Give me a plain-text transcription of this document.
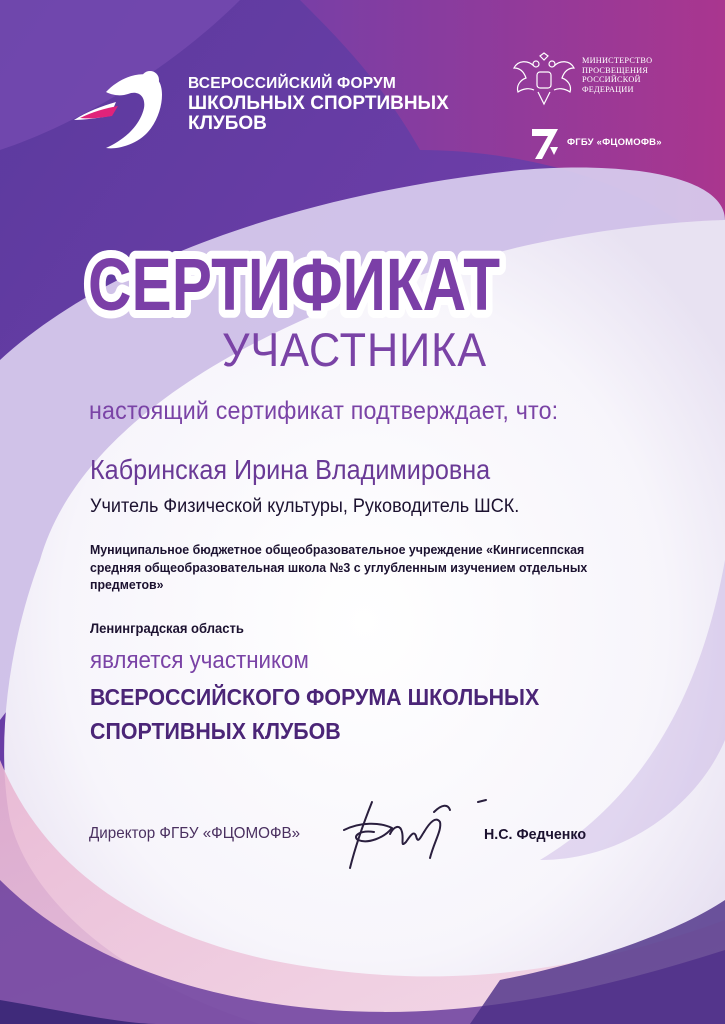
ВСЕРОССИЙСКИЙ ФОРУМ
ШКОЛЬНЫХ СПОРТИВНЫХ
КЛУБОВ
МИНИСТЕРСТВО
ПРОСВЕЩЕНИЯ
РОССИЙСКОЙ
ФЕДЕРАЦИИ
ФГБУ «ФЦОМОФВ»
СЕРТИФИКАТ
СЕРТИФИКАТ
УЧАСТНИКА
настоящий сертификат подтверждает, что:
Кабринская Ирина Владимировна
Учитель Физической культуры, Руководитель ШСК.
Муниципальное бюджетное общеобразовательное учреждение «Кингисеппская средняя общеобразовательная школа №3 с углубленным изучением отдельных предметов»
Ленинградская область
является участником
ВСЕРОССИЙСКОГО ФОРУМА ШКОЛЬНЫХ
СПОРТИВНЫХ КЛУБОВ
Директор ФГБУ «ФЦОМОФВ»	Н.С. Федченко
